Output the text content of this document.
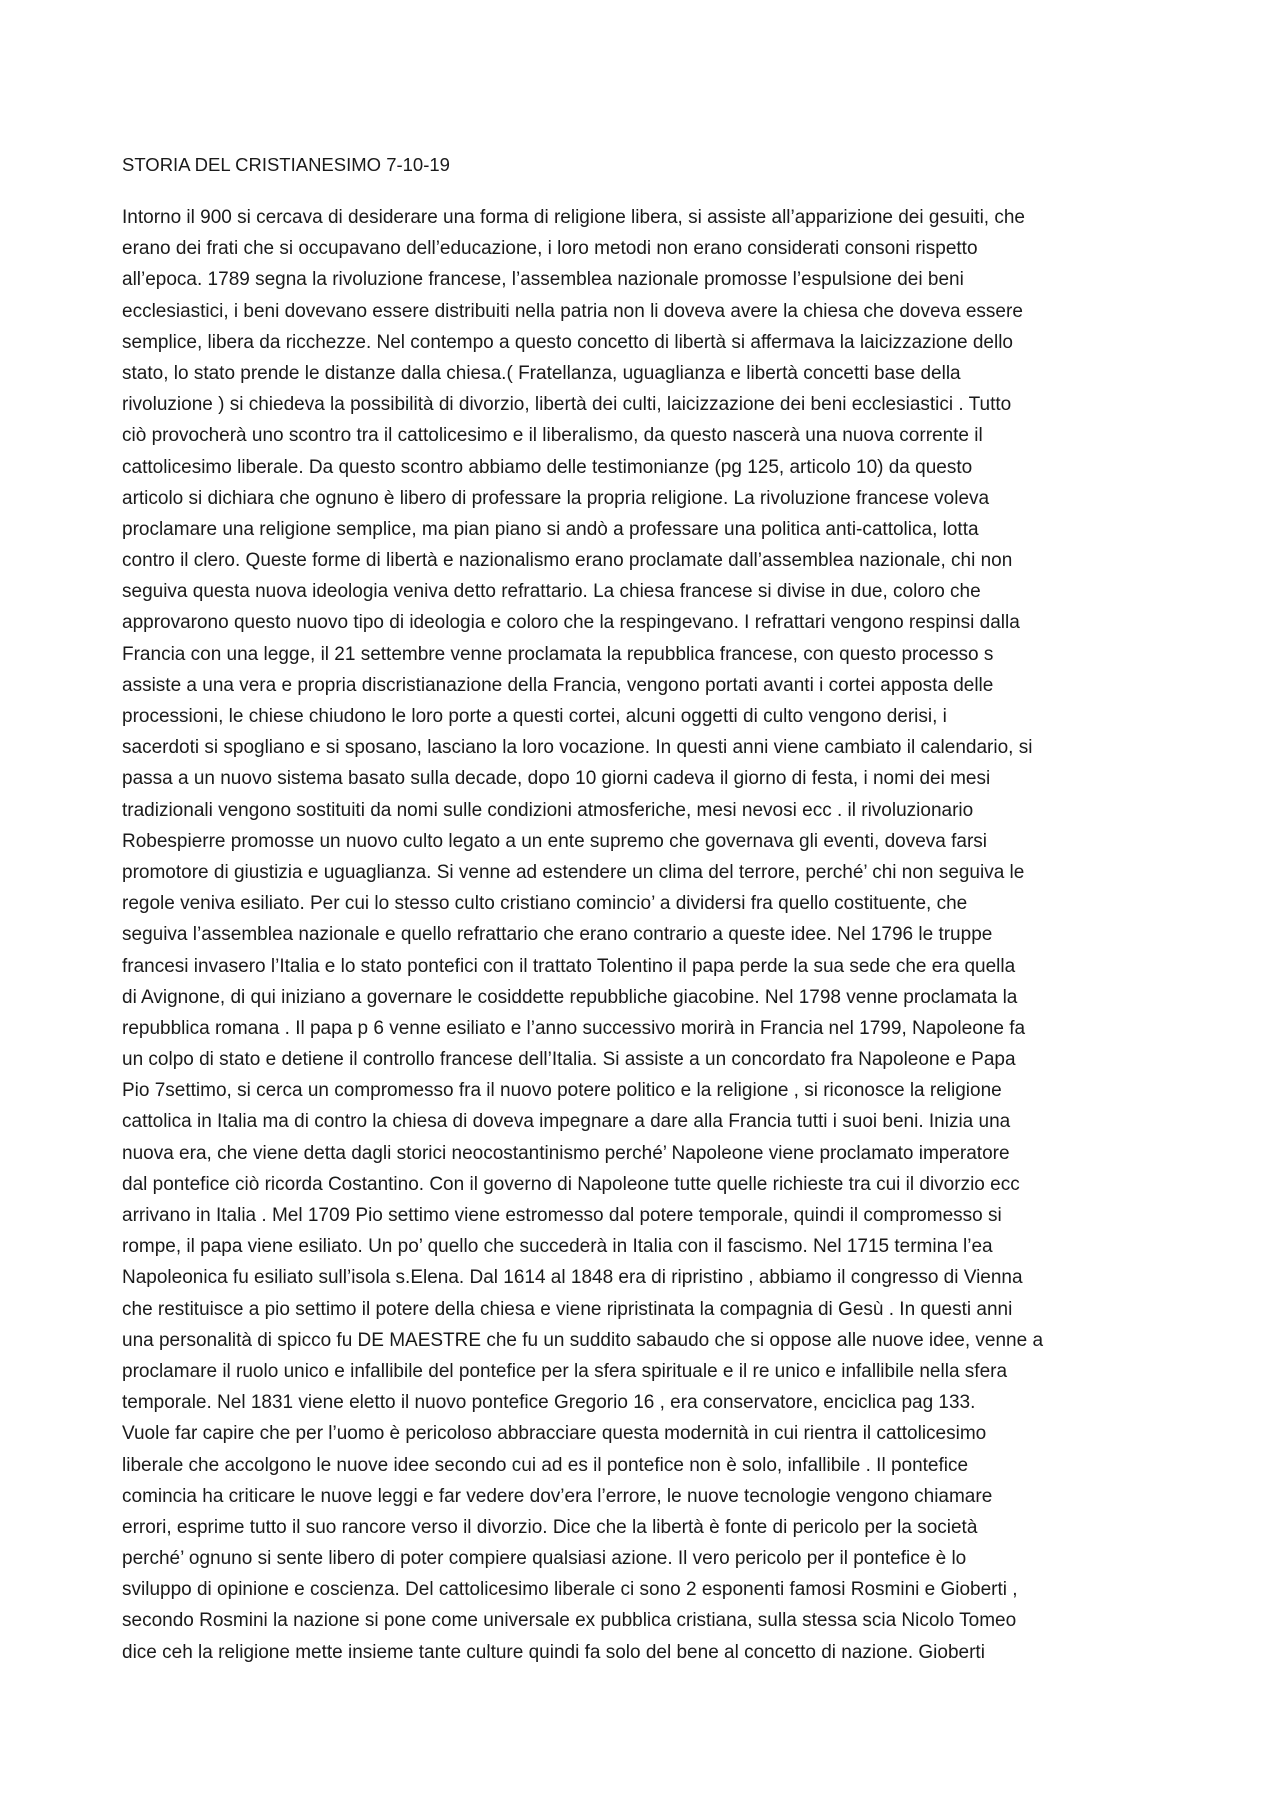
STORIA DEL CRISTIANESIMO 7-10-19
Intorno il 900 si cercava di desiderare una forma di religione libera, si assiste all’apparizione dei gesuiti, che
erano dei frati che si occupavano dell’educazione, i loro metodi non erano considerati consoni rispetto
all’epoca. 1789 segna la rivoluzione francese, l’assemblea nazionale promosse l’espulsione dei beni
ecclesiastici, i beni dovevano essere distribuiti nella patria non li doveva avere la chiesa che doveva essere
semplice, libera da ricchezze. Nel contempo a questo concetto di libertà si affermava la laicizzazione dello
stato, lo stato prende le distanze dalla chiesa.( Fratellanza, uguaglianza e libertà concetti base della
rivoluzione ) si chiedeva la possibilità di divorzio, libertà dei culti, laicizzazione dei beni ecclesiastici . Tutto
ciò provocherà uno scontro tra il cattolicesimo e il liberalismo, da questo nascerà una nuova corrente il
cattolicesimo liberale. Da questo scontro abbiamo delle testimonianze (pg 125, articolo 10) da questo
articolo si dichiara che ognuno è libero di professare la propria religione. La rivoluzione francese voleva
proclamare una religione semplice, ma pian piano si andò a professare una politica anti-cattolica, lotta
contro il clero. Queste forme di libertà e nazionalismo erano proclamate dall’assemblea nazionale, chi non
seguiva questa nuova ideologia veniva detto refrattario. La chiesa francese si divise in due, coloro che
approvarono questo nuovo tipo di ideologia e coloro che la respingevano. I refrattari vengono respinsi dalla
Francia con una legge, il 21 settembre venne proclamata la repubblica francese, con questo processo s
assiste a una vera e propria discristianazione della Francia, vengono portati avanti i cortei apposta delle
processioni, le chiese chiudono le loro porte a questi cortei, alcuni oggetti di culto vengono derisi, i
sacerdoti si spogliano e si sposano, lasciano la loro vocazione. In questi anni viene cambiato il calendario, si
passa a un nuovo sistema basato sulla decade, dopo 10 giorni cadeva il giorno di festa, i nomi dei mesi
tradizionali vengono sostituiti da nomi sulle condizioni atmosferiche, mesi nevosi ecc . il rivoluzionario
Robespierre promosse un nuovo culto legato a un ente supremo che governava gli eventi, doveva farsi
promotore di giustizia e uguaglianza. Si venne ad estendere un clima del terrore, perché’ chi non seguiva le
regole veniva esiliato. Per cui lo stesso culto cristiano comincio’ a dividersi fra quello costituente, che
seguiva l’assemblea nazionale e quello refrattario che erano contrario a queste idee. Nel 1796 le truppe
francesi invasero l’Italia e lo stato pontefici con il trattato Tolentino il papa perde la sua sede che era quella
di Avignone, di qui iniziano a governare le cosiddette repubbliche giacobine. Nel 1798 venne proclamata la
repubblica romana . Il papa p 6 venne esiliato e l’anno successivo morirà in Francia nel 1799, Napoleone fa
un colpo di stato e detiene il controllo francese dell’Italia. Si assiste a un concordato fra Napoleone e Papa
Pio 7settimo, si cerca un compromesso fra il nuovo potere politico e la religione , si riconosce la religione
cattolica in Italia ma di contro la chiesa di doveva impegnare a dare alla Francia tutti i suoi beni. Inizia una
nuova era, che viene detta dagli storici neocostantinismo perché’ Napoleone viene proclamato imperatore
dal pontefice ciò ricorda Costantino. Con il governo di Napoleone tutte quelle richieste tra cui il divorzio ecc
arrivano in Italia . Mel 1709 Pio settimo viene estromesso dal potere temporale, quindi il compromesso si
rompe, il papa viene esiliato. Un po’ quello che succederà in Italia con il fascismo. Nel 1715 termina l’ea
Napoleonica fu esiliato sull’isola s.Elena. Dal 1614 al 1848 era di ripristino , abbiamo il congresso di Vienna
che restituisce a pio settimo il potere della chiesa e viene ripristinata la compagnia di Gesù . In questi anni
una personalità di spicco fu DE MAESTRE che fu un suddito sabaudo che si oppose alle nuove idee, venne a
proclamare il ruolo unico e infallibile del pontefice per la sfera spirituale e il re unico e infallibile nella sfera
temporale. Nel 1831 viene eletto il nuovo pontefice Gregorio 16 , era conservatore, enciclica pag 133.
Vuole far capire che per l’uomo è pericoloso abbracciare questa modernità in cui rientra il cattolicesimo
liberale che accolgono le nuove idee secondo cui ad es il pontefice non è solo, infallibile . Il pontefice
comincia ha criticare le nuove leggi e far vedere dov’era l’errore, le nuove tecnologie vengono chiamare
errori, esprime tutto il suo rancore verso il divorzio. Dice che la libertà è fonte di pericolo per la società
perché’ ognuno si sente libero di poter compiere qualsiasi azione. Il vero pericolo per il pontefice è lo
sviluppo di opinione e coscienza. Del cattolicesimo liberale ci sono 2 esponenti famosi Rosmini e Gioberti ,
secondo Rosmini la nazione si pone come universale ex pubblica cristiana, sulla stessa scia Nicolo Tomeo
dice ceh la religione mette insieme tante culture quindi fa solo del bene al concetto di nazione. Gioberti
